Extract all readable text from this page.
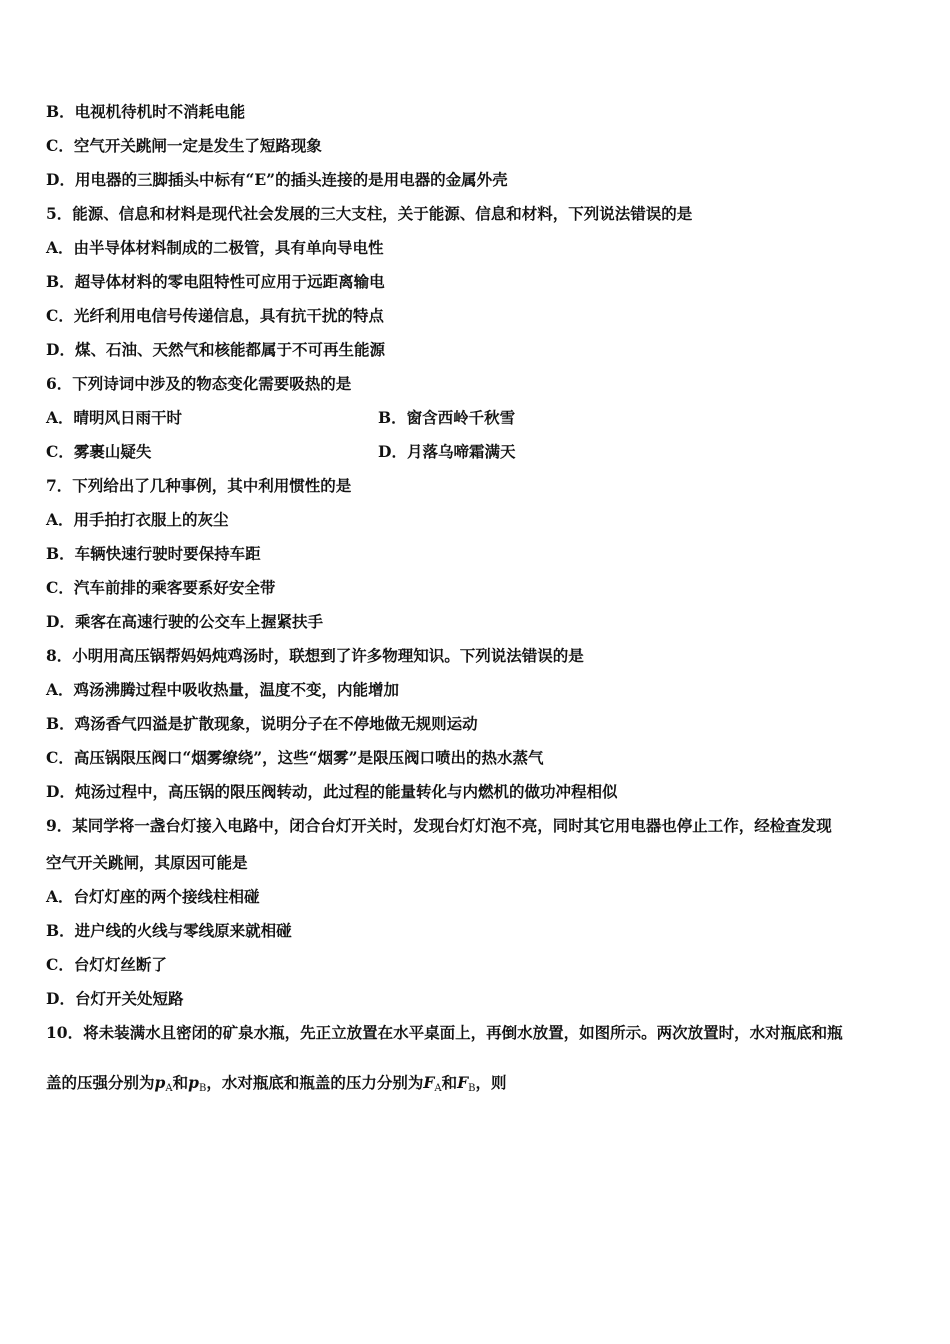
B．电视机待机时不消耗电能
C．空气开关跳闸一定是发生了短路现象
D．用电器的三脚插头中标有“E”的插头连接的是用电器的金属外壳
5．能源、信息和材料是现代社会发展的三大支柱，关于能源、信息和材料，下列说法错误的是
A．由半导体材料制成的二极管，具有单向导电性
B．超导体材料的零电阻特性可应用于远距离输电
C．光纤利用电信号传递信息，具有抗干扰的特点
D．煤、石油、天然气和核能都属于不可再生能源
6．下列诗词中涉及的物态变化需要吸热的是
A．晴明风日雨干时	B．窗含西岭千秋雪
C．雾裹山疑失	D．月落乌啼霜满天
7．下列给出了几种事例，其中利用惯性的是
A．用手拍打衣服上的灰尘
B．车辆快速行驶时要保持车距
C．汽车前排的乘客要系好安全带
D．乘客在高速行驶的公交车上握紧扶手
8．小明用高压锅帮妈妈炖鸡汤时，联想到了许多物理知识。下列说法错误的是
A．鸡汤沸腾过程中吸收热量，温度不变，内能增加
B．鸡汤香气四溢是扩散现象，说明分子在不停地做无规则运动
C．高压锅限压阀口“烟雾缭绕”，这些“烟雾”是限压阀口喷出的热水蒸气
D．炖汤过程中，高压锅的限压阀转动，此过程的能量转化与内燃机的做功冲程相似
9．某同学将一盏台灯接入电路中，闭合台灯开关时，发现台灯灯泡不亮，同时其它用电器也停止工作，经检查发现
空气开关跳闸，其原因可能是
A．台灯灯座的两个接线柱相碰
B．进户线的火线与零线原来就相碰
C．台灯灯丝断了
D．台灯开关处短路
10．将未装满水且密闭的矿泉水瓶，先正立放置在水平桌面上，再倒水放置，如图所示。两次放置时，水对瓶底和瓶
盖的压强分别为$p_A$和$p_B$，水对瓶底和瓶盖的压力分别为$F_A$和$F_B$，则
